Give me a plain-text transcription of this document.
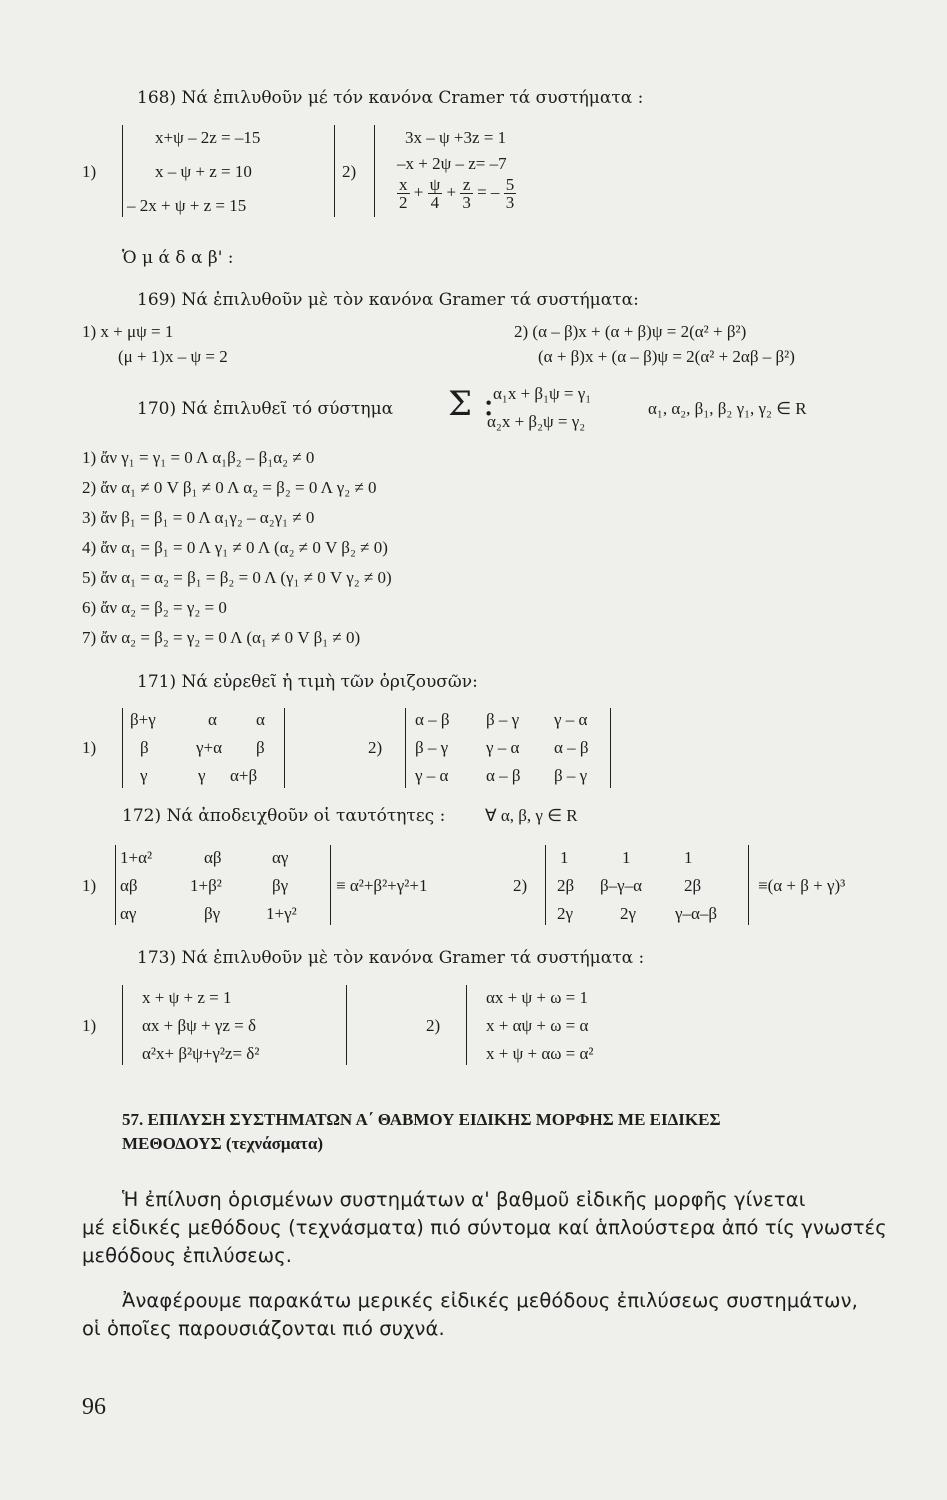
168) Νά ἐπιλυθοῦν μέ τόν κανόνα Cramer τά συστήματα :
1)
x+ψ – 2z = –15
x – ψ + z = 10
– 2x + ψ + z = 15
2)
3x – ψ +3z = 1
–x + 2ψ – z= –7
$\frac{x}{2} + \frac{\psi}{4} + \frac{z}{3}$ = – $\frac{5}{3}$
Ὁ μ ά δ α β' :
169) Νά ἐπιλυθοῦν μὲ τὸν κανόνα Gramer τά συστήματα:
1) x + μψ = 1
(μ + 1)x – ψ = 2
2) (α – β)x + (α + β)ψ = 2(α² + β²)
(α + β)x + (α – β)ψ = 2(α² + 2αβ – β²)
170) Νά ἐπιλυθεῖ τό σύστημα Σ :
α₁x + β₁ψ = γ₁
α₂x + β₂ψ = γ₂
α₁, α₂, β₁, β₂ γ₁, γ₂ ∈ R
1) ἄν γ₁ = γ₁ = 0 Λ α₁β₂ – β₁α₂ ≠ 0
2) ἄν α₁ ≠ 0 V β₁ ≠ 0 Λ α₂ = β₂ = 0 Λ γ₂ ≠ 0
3) ἄν β₁ = β₁ = 0 Λ α₁γ₂ – α₂γ₁ ≠ 0
4) ἄν α₁ = β₁ = 0 Λ γ₁ ≠ 0 Λ (α₂ ≠ 0 V β₂ ≠ 0)
5) ἄν α₁ = α₂ = β₁ = β₂ = 0 Λ (γ₁ ≠ 0 V γ₂ ≠ 0)
6) ἄν α₂ = β₂ = γ₂ = 0
7) ἄν α₂ = β₂ = γ₂ = 0 Λ (α₁ ≠ 0 V β₁ ≠ 0)
171) Νά εὑρεθεῖ ἡ τιμὴ τῶν ὁριζουσῶν:
1)
β+γ	α α
β	γ+α β
γ	γ α+β
2)
α – β β – γ γ – α
β – γ γ – α α – β
γ – α α – β β – γ
172) Νά ἀποδειχθοῦν οἱ ταυτότητες : ∀ α, β, γ ∈ R
1)
1+α²	αβ	αγ
αβ	1+β²	βγ
αγ	βγ	1+γ²
≡ α²+β²+γ²+1	2)
1	1	1
2β β–γ–α 2β
2γ	2γ γ–α–β
≡(α + β + γ)³
173) Νά ἐπιλυθοῦν μὲ τὸν κανόνα Gramer τά συστήματα :
1)
x + ψ + z = 1
αx + βψ + γz = δ
α²x+ β²ψ+γ²z= δ²
2)
αx + ψ + ω = 1
x + αψ + ω = α
x + ψ + αω = α²
57. ΕΠΙΛΥΣΗ ΣΥΣΤΗΜΑΤΩΝ Α΄ ΘΑΒΜΟΥ ΕΙΔΙΚΗΣ ΜΟΡΦΗΣ ΜΕ ΕΙΔΙΚΕΣ
ΜΕΘΟΔΟΥΣ (τεχνάσματα)
Ἡ ἐπίλυση ὁρισμένων συστημάτων α' βαθμοῦ εἰδικῆς μορφῆς γίνεται
μέ εἰδικές μεθόδους (τεχνάσματα) πιό σύντομα καί ἁπλούστερα ἀπό τίς γνωστές
μεθόδους ἐπιλύσεως.
Ἀναφέρουμε παρακάτω μερικές εἰδικές μεθόδους ἐπιλύσεως συστημάτων,
οἱ ὁποῖες παρουσιάζονται πιό συχνά.
96
